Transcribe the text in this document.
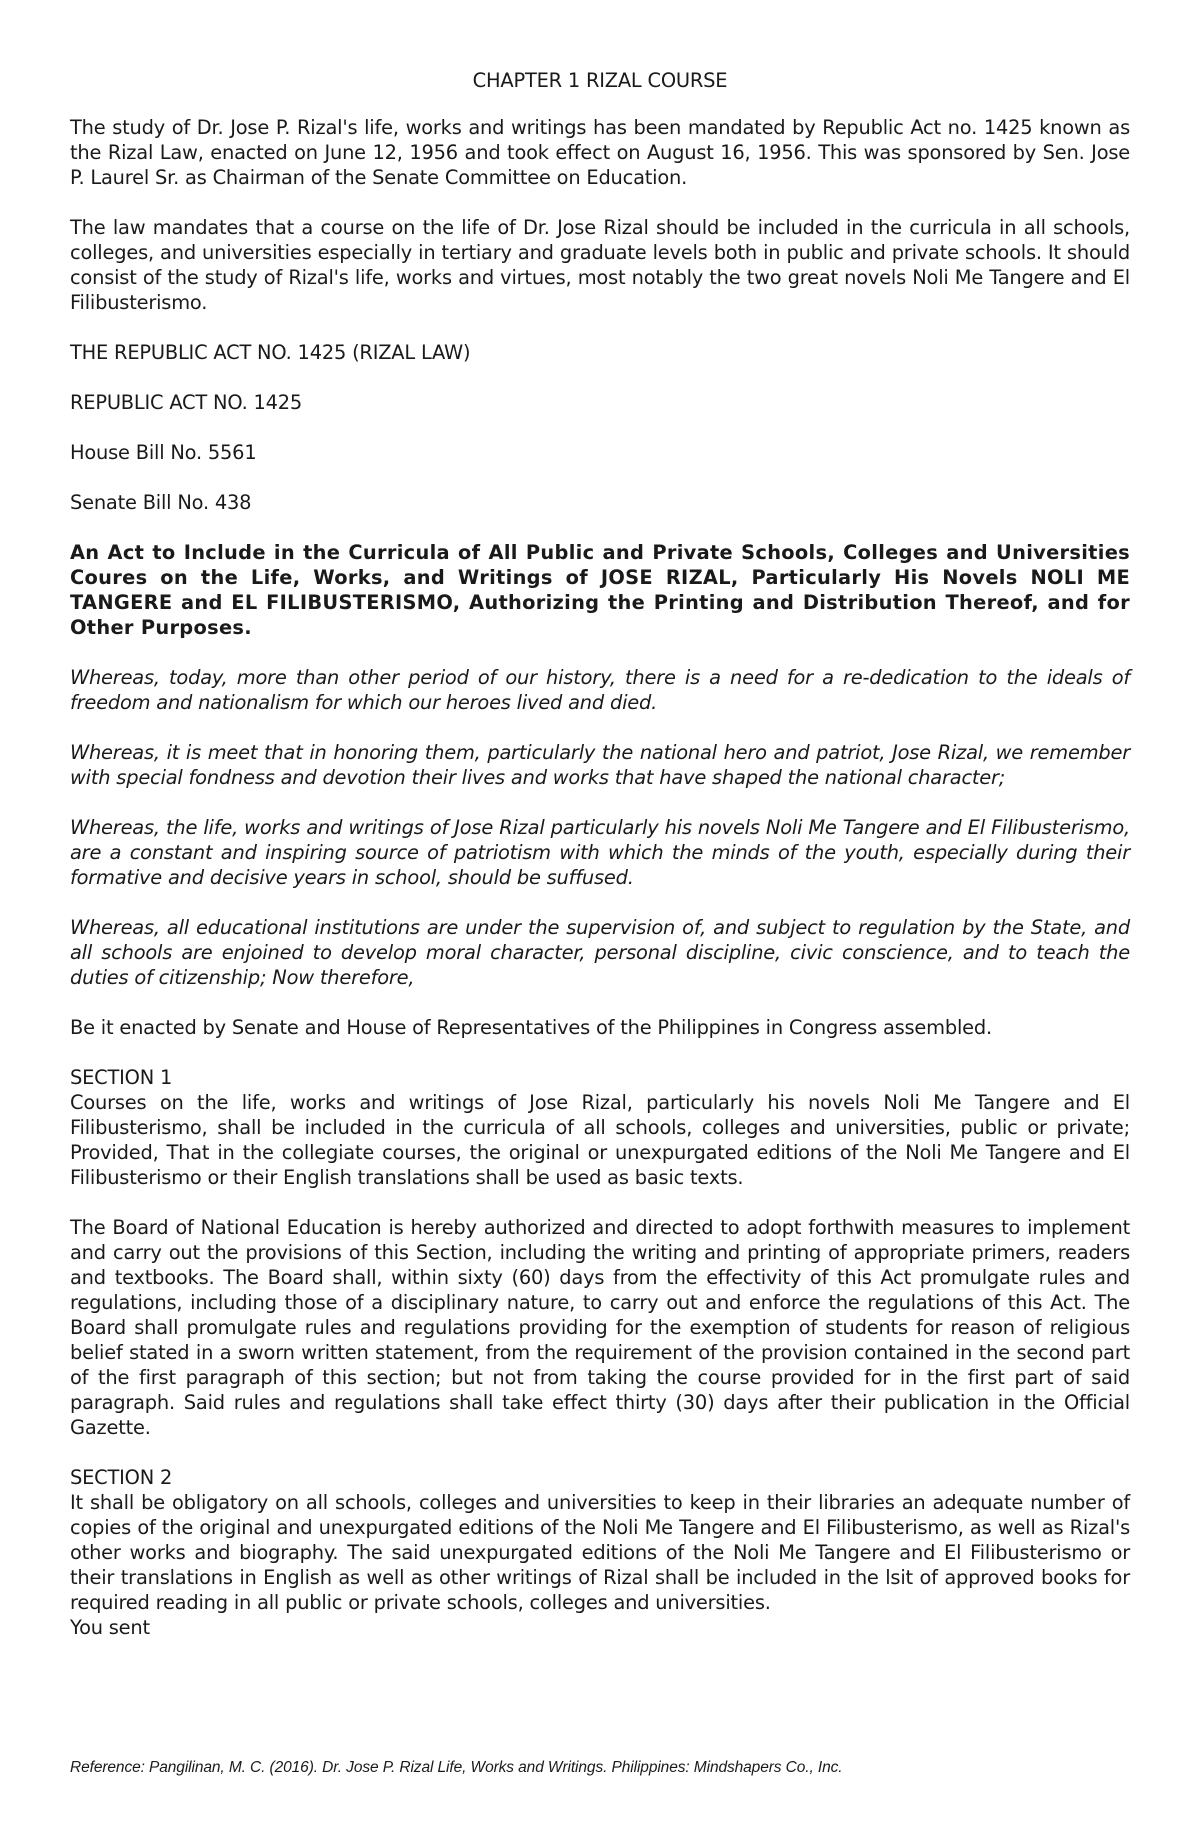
CHAPTER 1 RIZAL COURSE

The study of Dr. Jose P. Rizal's life, works and writings has been mandated by Republic Act no. 1425 known as the Rizal Law, enacted on June 12, 1956 and took effect on August 16, 1956. This was sponsored by Sen. Jose P. Laurel Sr. as Chairman of the Senate Committee on Education.

The law mandates that a course on the life of Dr. Jose Rizal should be included in the curricula in all schools, colleges, and universities especially in tertiary and graduate levels both in public and private schools. It should consist of the study of Rizal's life, works and virtues, most notably the two great novels Noli Me Tangere and El Filibusterismo.

THE REPUBLIC ACT NO. 1425 (RIZAL LAW)

REPUBLIC ACT NO. 1425

House Bill No. 5561

Senate Bill No. 438

An Act to Include in the Curricula of All Public and Private Schools, Colleges and Universities Coures on the Life, Works, and Writings of JOSE RIZAL, Particularly His Novels NOLI ME TANGERE and EL FILIBUSTERISMO, Authorizing the Printing and Distribution Thereof, and for Other Purposes.

Whereas, today, more than other period of our history, there is a need for a re-dedication to the ideals of freedom and nationalism for which our heroes lived and died.

Whereas, it is meet that in honoring them, particularly the national hero and patriot, Jose Rizal, we remember with special fondness and devotion their lives and works that have shaped the national character;

Whereas, the life, works and writings of Jose Rizal particularly his novels Noli Me Tangere and El Filibusterismo, are a constant and inspiring source of patriotism with which the minds of the youth, especially during their formative and decisive years in school, should be suffused.

Whereas, all educational institutions are under the supervision of, and subject to regulation by the State, and all schools are enjoined to develop moral character, personal discipline, civic conscience, and to teach the duties of citizenship; Now therefore,

Be it enacted by Senate and House of Representatives of the Philippines in Congress assembled.

SECTION 1
Courses on the life, works and writings of Jose Rizal, particularly his novels Noli Me Tangere and El Filibusterismo, shall be included in the curricula of all schools, colleges and universities, public or private; Provided, That in the collegiate courses, the original or unexpurgated editions of the Noli Me Tangere and El Filibusterismo or their English translations shall be used as basic texts.

The Board of National Education is hereby authorized and directed to adopt forthwith measures to implement and carry out the provisions of this Section, including the writing and printing of appropriate primers, readers and textbooks. The Board shall, within sixty (60) days from the effectivity of this Act promulgate rules and regulations, including those of a disciplinary nature, to carry out and enforce the regulations of this Act. The Board shall promulgate rules and regulations providing for the exemption of students for reason of religious belief stated in a sworn written statement, from the requirement of the provision contained in the second part of the first paragraph of this section; but not from taking the course provided for in the first part of said paragraph. Said rules and regulations shall take effect thirty (30) days after their publication in the Official Gazette.

SECTION 2
It shall be obligatory on all schools, colleges and universities to keep in their libraries an adequate number of copies of the original and unexpurgated editions of the Noli Me Tangere and El Filibusterismo, as well as Rizal's other works and biography. The said unexpurgated editions of the Noli Me Tangere and El Filibusterismo or their translations in English as well as other writings of Rizal shall be included in the lsit of approved books for required reading in all public or private schools, colleges and universities.

You sent
Reference: Pangilinan, M. C. (2016). Dr. Jose P. Rizal Life, Works and Writings. Philippines: Mindshapers Co., Inc.
